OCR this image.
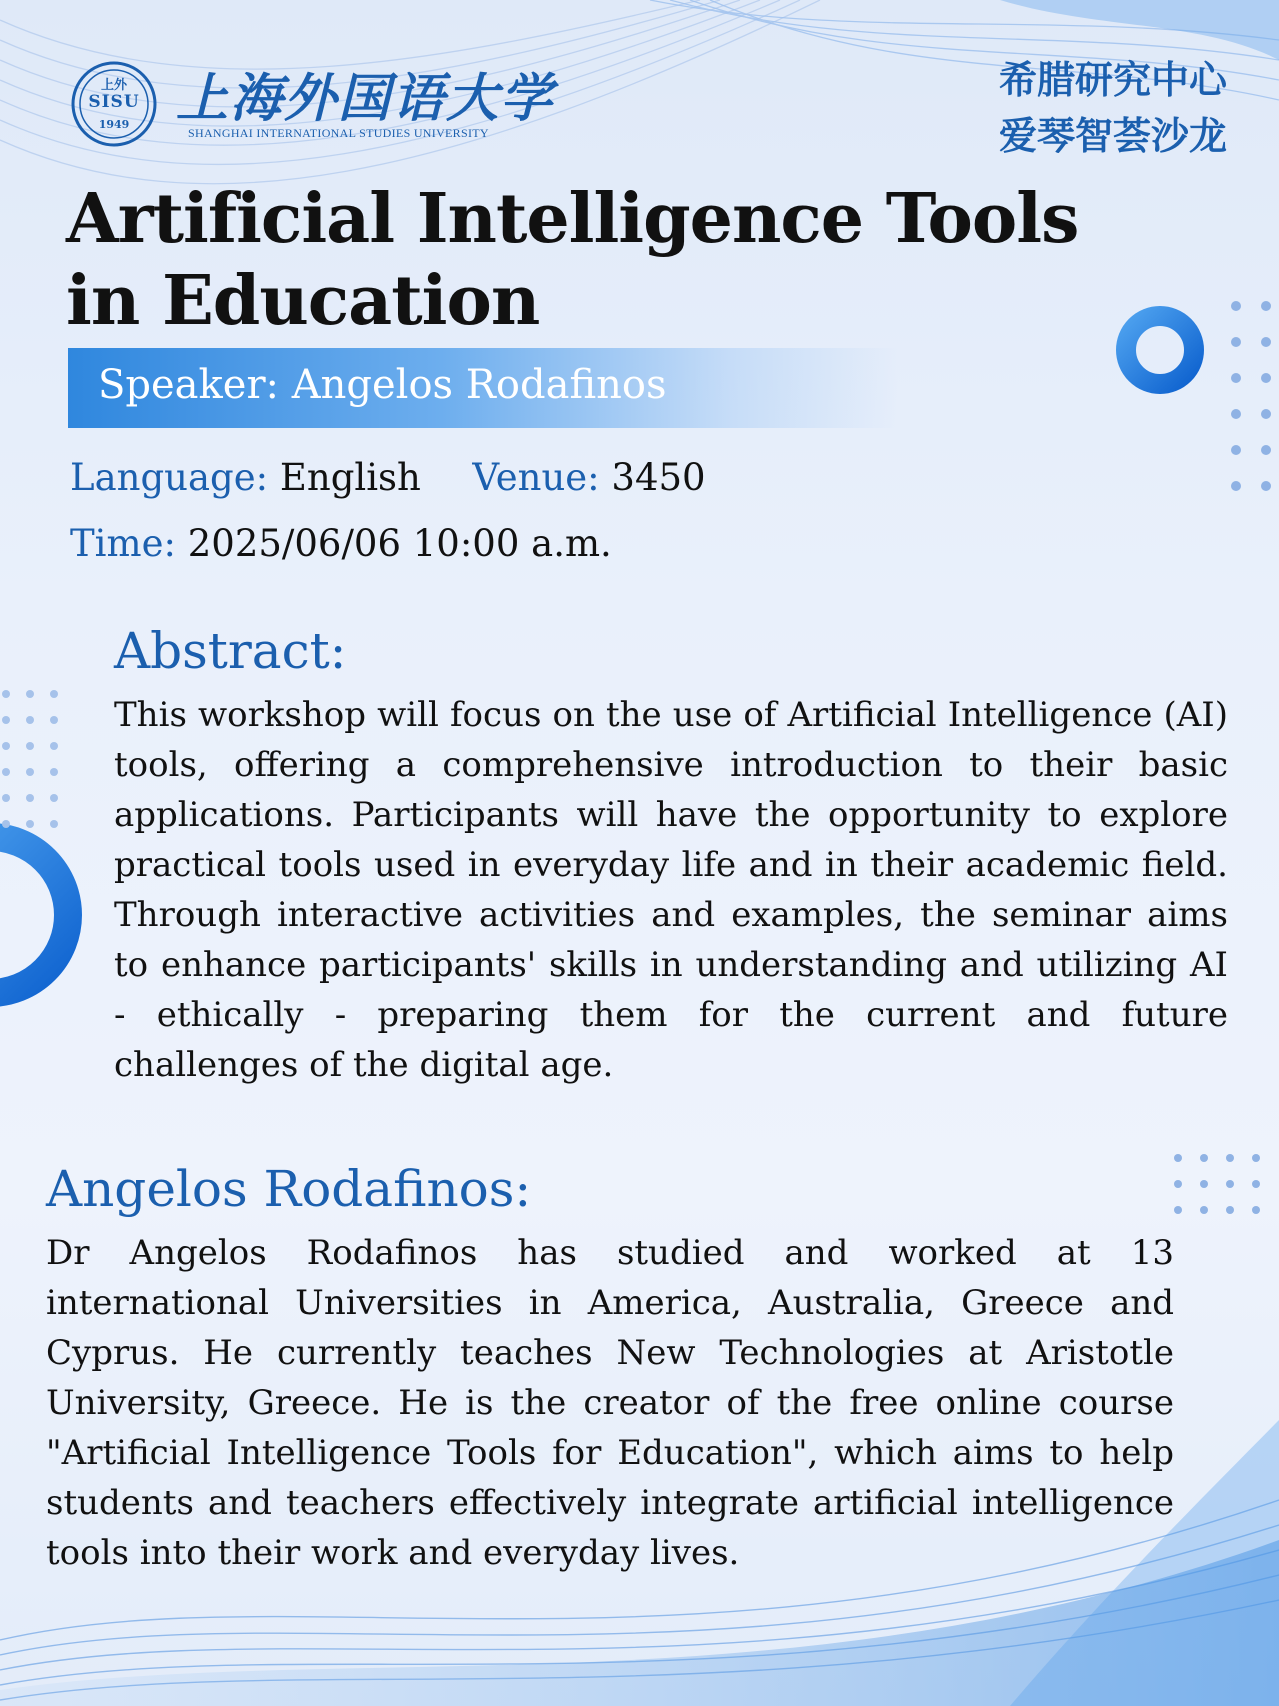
上外
SISU
1949 上海外国语大学
SHANGHAI INTERNATIONAL STUDIES UNIVERSITY
希腊研究中心
爱琴智荟沙龙
Artificial Intelligence Tools
in Education
Speaker: Angelos Rodafinos
Language: English Venue: 3450
Time: 2025/06/06 10:00 a.m.
Abstract:

This workshop will focus on the use of Artificial Intelligence (AI) tools, offering a comprehensive introduction to their basic applications. Participants will have the opportunity to explore practical tools used in everyday life and in their academic field. Through interactive activities and examples, the seminar aims to enhance participants' skills in understanding and utilizing AI - ethically - preparing them for the current and future challenges of the digital age.

Angelos Rodafinos:

Dr Angelos Rodafinos has studied and worked at 13 international Universities in America, Australia, Greece and Cyprus. He currently teaches New Technologies at Aristotle University, Greece. He is the creator of the free online course "Artificial Intelligence Tools for Education", which aims to help students and teachers effectively integrate artificial intelligence tools into their work and everyday lives.
